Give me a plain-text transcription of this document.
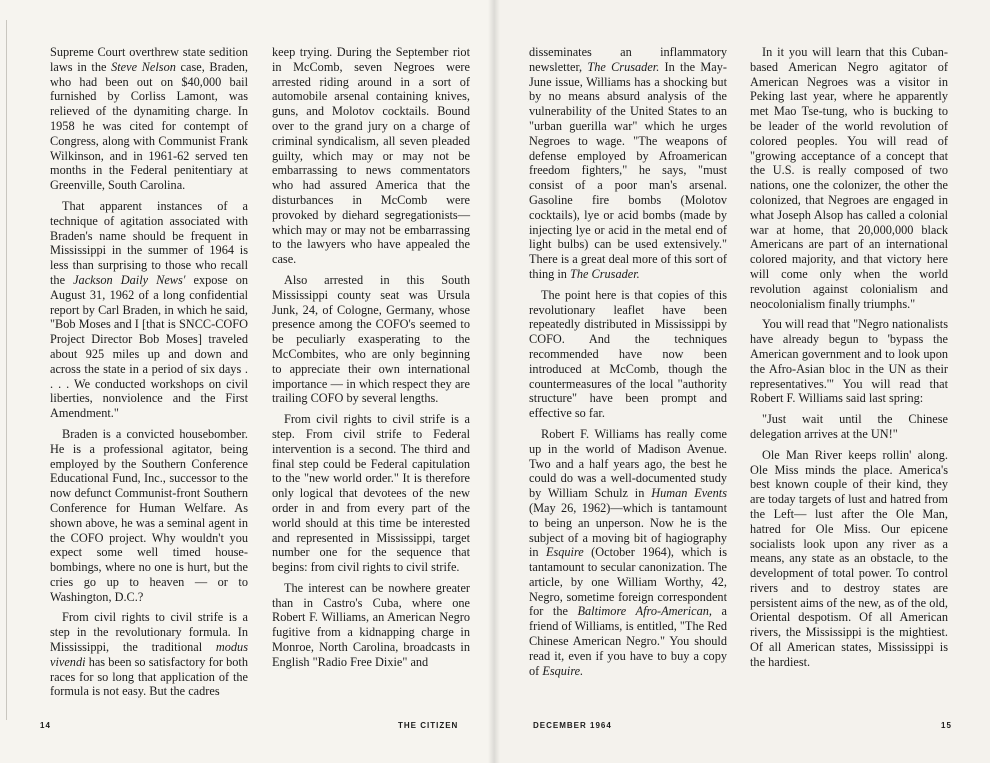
Supreme Court overthrew state sedition laws in the Steve Nelson case, Braden, who had been out on $40,000 bail furnished by Corliss Lamont, was relieved of the dynamiting charge. In 1958 he was cited for contempt of Congress, along with Communist Frank Wilkinson, and in 1961-62 served ten months in the Federal penitentiary at Greenville, South Carolina.

That apparent instances of a technique of agitation associated with Braden's name should be frequent in Mississippi in the summer of 1964 is less than surprising to those who recall the Jackson Daily News' expose on August 31, 1962 of a long confidential report by Carl Braden, in which he said, "Bob Moses and I [that is SNCC-COFO Project Director Bob Moses] traveled about 925 miles up and down and across the state in a period of six days . . . . We conducted workshops on civil liberties, nonviolence and the First Amendment."

Braden is a convicted housebomber. He is a professional agitator, being employed by the Southern Conference Educational Fund, Inc., successor to the now defunct Communist-front Southern Conference for Human Welfare. As shown above, he was a seminal agent in the COFO project. Why wouldn't you expect some well timed house-bombings, where no one is hurt, but the cries go up to heaven — or to Washington, D.C.?

From civil rights to civil strife is a step in the revolutionary formula. In Mississippi, the traditional modus vivendi has been so satisfactory for both races for so long that application of the formula is not easy. But the cadres

keep trying. During the September riot in McComb, seven Negroes were arrested riding around in a sort of automobile arsenal containing knives, guns, and Molotov cocktails. Bound over to the grand jury on a charge of criminal syndicalism, all seven pleaded guilty, which may or may not be embarrassing to news commentators who had assured America that the disturbances in McComb were provoked by diehard segregationists— which may or may not be embarrassing to the lawyers who have appealed the case.

Also arrested in this South Mississippi county seat was Ursula Junk, 24, of Cologne, Germany, whose presence among the COFO's seemed to be peculiarly exasperating to the McCombites, who are only beginning to appreciate their own international importance — in which respect they are trailing COFO by several lengths.

From civil rights to civil strife is a step. From civil strife to Federal intervention is a second. The third and final step could be Federal capitulation to the "new world order." It is therefore only logical that devotees of the new order in and from every part of the world should at this time be interested and represented in Mississippi, target number one for the sequence that begins: from civil rights to civil strife.

The interest can be nowhere greater than in Castro's Cuba, where one Robert F. Williams, an American Negro fugitive from a kidnapping charge in Monroe, North Carolina, broadcasts in English "Radio Free Dixie" and

14	THE CITIZEN

disseminates an inflammatory newsletter, The Crusader. In the May-June issue, Williams has a shocking but by no means absurd analysis of the vulnerability of the United States to an "urban guerilla war" which he urges Negroes to wage. "The weapons of defense employed by Afroamerican freedom fighters," he says, "must consist of a poor man's arsenal. Gasoline fire bombs (Molotov cocktails), lye or acid bombs (made by injecting lye or acid in the metal end of light bulbs) can be used extensively." There is a great deal more of this sort of thing in The Crusader.

The point here is that copies of this revolutionary leaflet have been repeatedly distributed in Mississippi by COFO. And the techniques recommended have now been introduced at McComb, though the countermeasures of the local "authority structure" have been prompt and effective so far.

Robert F. Williams has really come up in the world of Madison Avenue. Two and a half years ago, the best he could do was a well-documented study by William Schulz in Human Events (May 26, 1962)—which is tantamount to being an unperson. Now he is the subject of a moving bit of hagiography in Esquire (October 1964), which is tantamount to secular canonization. The article, by one William Worthy, 42, Negro, sometime foreign correspondent for the Baltimore Afro-American, a friend of Williams, is entitled, "The Red Chinese American Negro." You should read it, even if you have to buy a copy of Esquire.

In it you will learn that this Cuban-based American Negro agitator of American Negroes was a visitor in Peking last year, where he apparently met Mao Tse-tung, who is bucking to be leader of the world revolution of colored peoples. You will read of "growing acceptance of a concept that the U.S. is really composed of two nations, one the colonizer, the other the colonized, that Negroes are engaged in what Joseph Alsop has called a colonial war at home, that 20,000,000 black Americans are part of an international colored majority, and that victory here will come only when the world revolution against colonialism and neocolonialism finally triumphs."

You will read that "Negro nationalists have already begun to 'bypass the American government and to look upon the Afro-Asian bloc in the UN as their representatives.'" You will read that Robert F. Williams said last spring:

"Just wait until the Chinese delegation arrives at the UN!"

Ole Man River keeps rollin' along. Ole Miss minds the place. America's best known couple of their kind, they are today targets of lust and hatred from the Left— lust after the Ole Man, hatred for Ole Miss. Our epicene socialists look upon any river as a means, any state as an obstacle, to the development of total power. To control rivers and to destroy states are persistent aims of the new, as of the old, Oriental despotism. Of all American rivers, the Mississippi is the mightiest. Of all American states, Mississippi is the hardiest.

DECEMBER 1964	15
